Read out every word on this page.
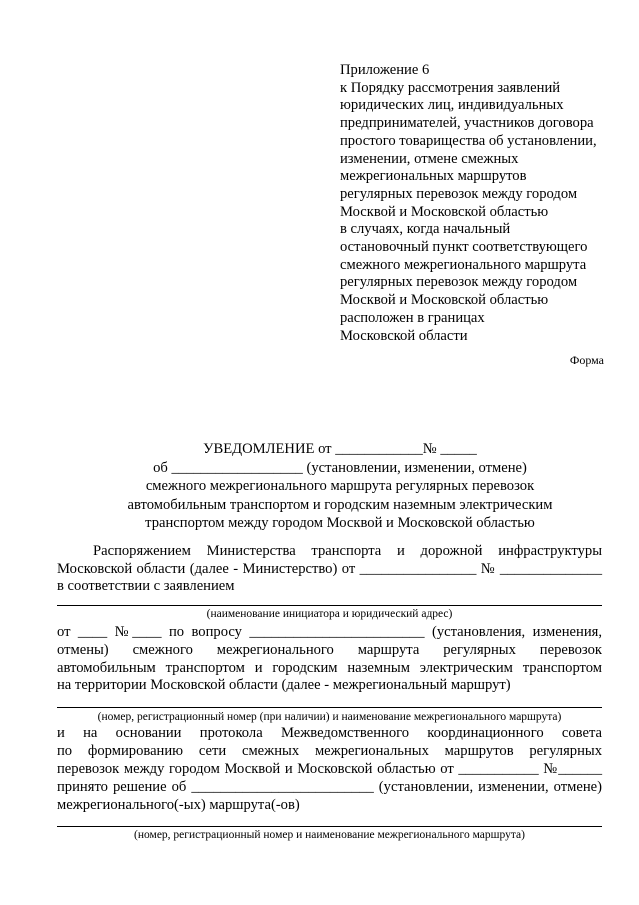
Приложение 6
к Порядку рассмотрения заявлений
юридических лиц, индивидуальных
предпринимателей, участников договора
простого товарищества об установлении,
изменении, отмене смежных
межрегиональных маршрутов
регулярных перевозок между городом
Москвой и Московской областью
в случаях, когда начальный
остановочный пункт соответствующего
смежного межрегионального маршрута
регулярных перевозок между городом
Москвой и Московской областью
расположен в границах
Московской области
Форма
УВЕДОМЛЕНИЕ от ____________№ _____
об __________________ (установлении, изменении, отмене)
смежного межрегионального маршрута регулярных перевозок
автомобильным транспортом и городским наземным электрическим
транспортом между городом Москвой и Московской областью
Распоряжением Министерства транспорта и дорожной инфраструктуры
Московской области (далее - Министерство) от ________________ № ______________
в соответствии с заявлением
(наименование инициатора и юридический адрес)
от ____ №____ по вопросу ________________________ (установления, изменения,
отмены) смежного межрегионального маршрута регулярных перевозок
автомобильным транспортом и городским наземным электрическим транспортом
на территории Московской области (далее - межрегиональный маршрут)
(номер, регистрационный номер (при наличии) и наименование межрегионального маршрута)
и на основании протокола Межведомственного координационного совета
по формированию сети смежных межрегиональных маршрутов регулярных
перевозок между городом Москвой и Московской областью от ___________ №______
принято решение об _________________________ (установлении, изменении, отмене)
межрегионального(-ых) маршрута(-ов)
(номер, регистрационный номер и наименование межрегионального маршрута)
